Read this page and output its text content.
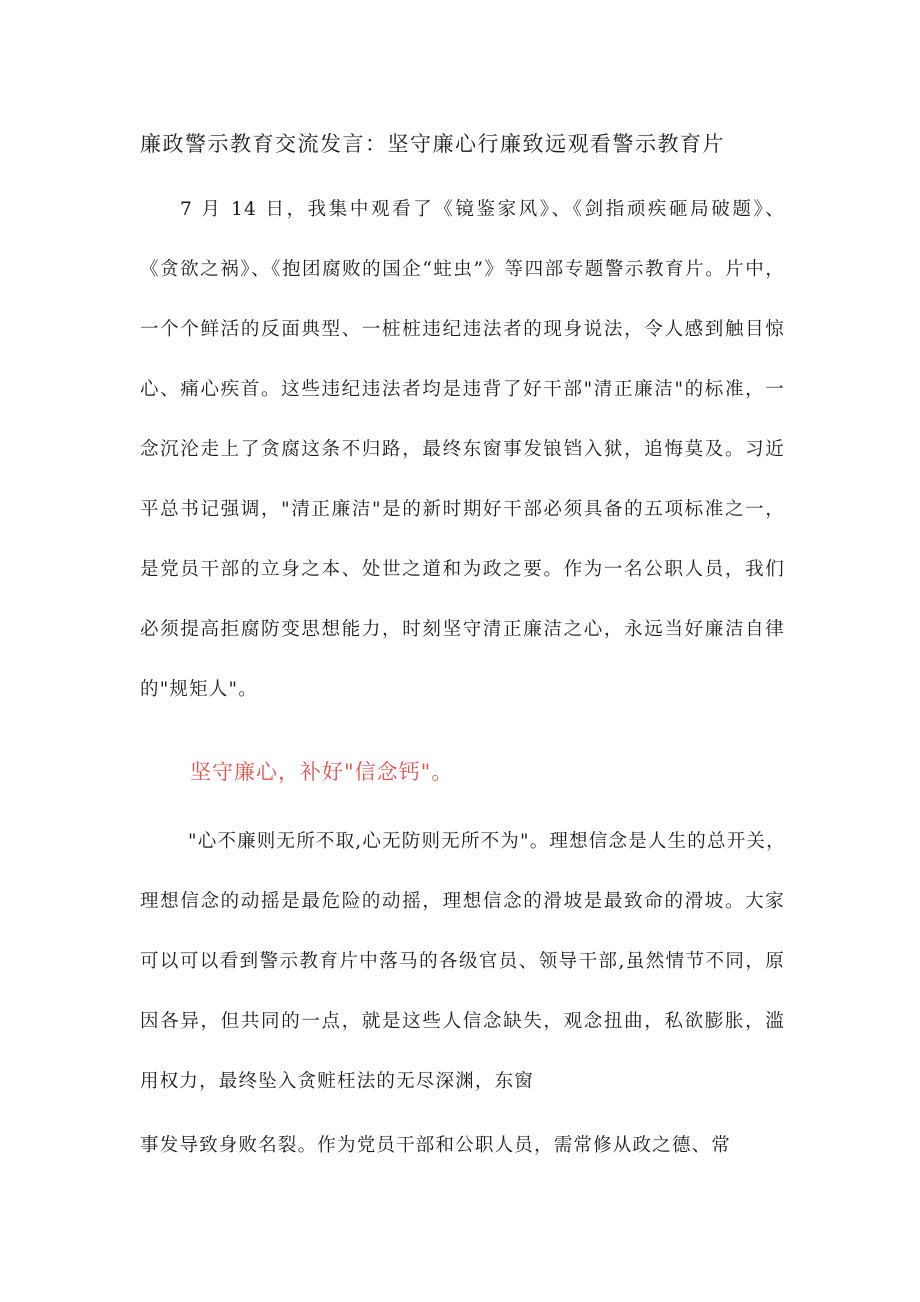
廉政警示教育交流发言：坚守廉心行廉致远观看警示教育片
7 月 14 日，我集中观看了《镜鉴家风》、《剑指顽疾砸局破题》、
《贪欲之祸》、《抱团腐败的国企“蛀虫”》等四部专题警示教育片。片中，
一个个鲜活的反面典型、一桩桩违纪违法者的现身说法，令人感到触目惊
心、痛心疾首。这些违纪违法者均是违背了好干部"清正廉洁"的标准，一
念沉沦走上了贪腐这条不归路，最终东窗事发锒铛入狱，追悔莫及。习近
平总书记强调，"清正廉洁"是的新时期好干部必须具备的五项标准之一，
是党员干部的立身之本、处世之道和为政之要。作为一名公职人员，我们
必须提高拒腐防变思想能力，时刻坚守清正廉洁之心，永远当好廉洁自律
的"规矩人"。
坚守廉心，补好"信念钙"。
"心不廉则无所不取,心无防则无所不为"。理想信念是人生的总开关，
理想信念的动摇是最危险的动摇，理想信念的滑坡是最致命的滑坡。大家
可以可以看到警示教育片中落马的各级官员、领导干部,虽然情节不同，原
因各异，但共同的一点，就是这些人信念缺失，观念扭曲，私欲膨胀，滥
用权力，最终坠入贪赃枉法的无尽深渊，东窗
事发导致身败名裂。作为党员干部和公职人员，需常修从政之德、常
